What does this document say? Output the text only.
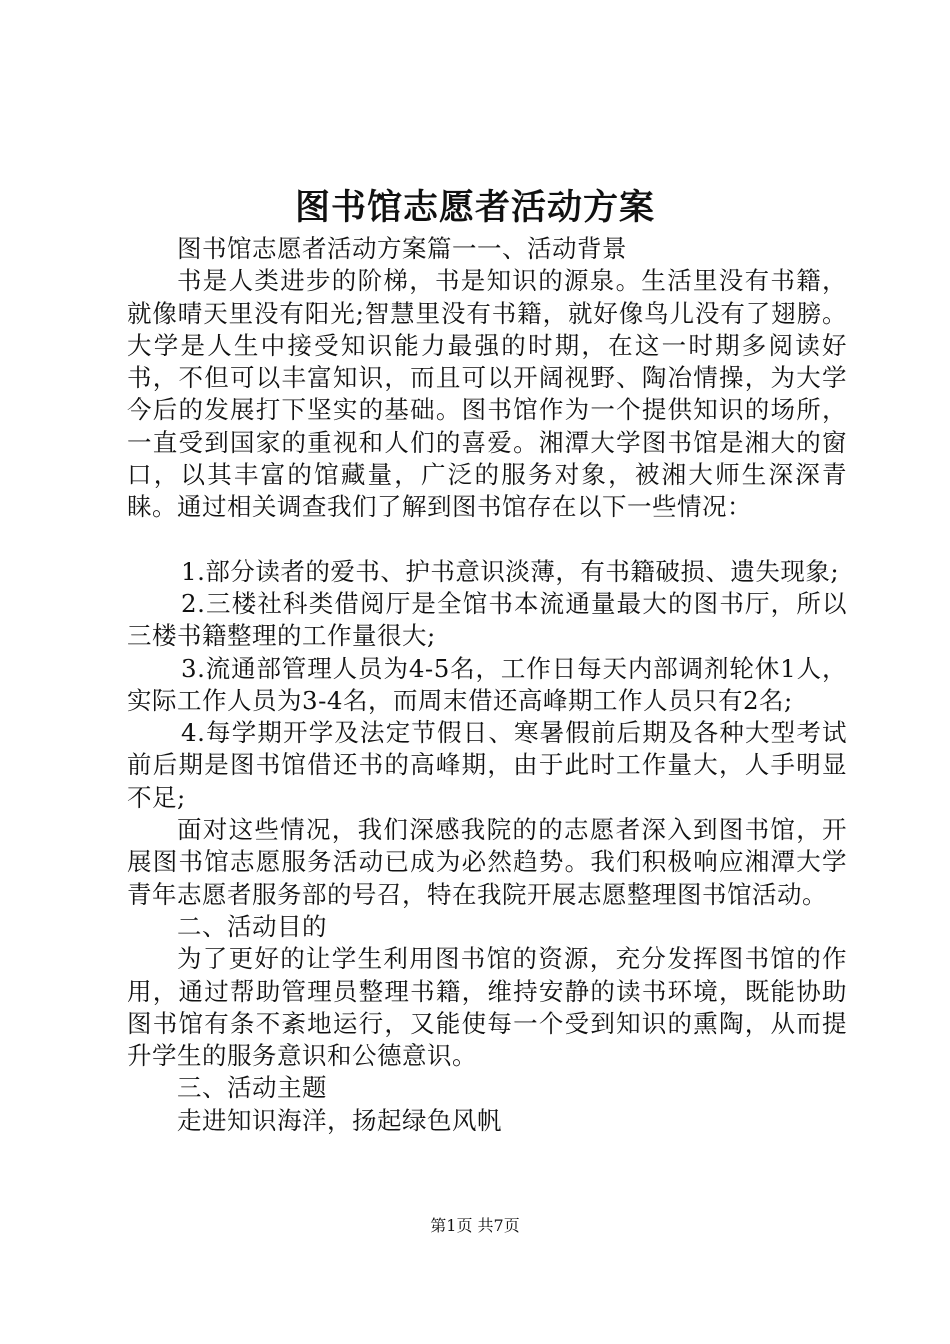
图书馆志愿者活动方案

图书馆志愿者活动方案篇一一、活动背景

书是人类进步的阶梯，书是知识的源泉。生活里没有书籍，就像晴天里没有阳光;智慧里没有书籍，就好像鸟儿没有了翅膀。大学是人生中接受知识能力最强的时期，在这一时期多阅读好书，不但可以丰富知识，而且可以开阔视野、陶冶情操，为大学今后的发展打下坚实的基础。图书馆作为一个提供知识的场所，一直受到国家的重视和人们的喜爱。湘潭大学图书馆是湘大的窗口，以其丰富的馆藏量，广泛的服务对象，被湘大师生深深青睐。通过相关调查我们了解到图书馆存在以下一些情况：

1.部分读者的爱书、护书意识淡薄，有书籍破损、遗失现象;

2.三楼社科类借阅厅是全馆书本流通量最大的图书厅，所以三楼书籍整理的工作量很大;

3.流通部管理人员为4-5名，工作日每天内部调剂轮休1人，实际工作人员为3-4名，而周末借还高峰期工作人员只有2名;

4.每学期开学及法定节假日、寒暑假前后期及各种大型考试前后期是图书馆借还书的高峰期，由于此时工作量大，人手明显不足;

面对这些情况，我们深感我院的的志愿者深入到图书馆，开展图书馆志愿服务活动已成为必然趋势。我们积极响应湘潭大学青年志愿者服务部的号召，特在我院开展志愿整理图书馆活动。

二、活动目的

为了更好的让学生利用图书馆的资源，充分发挥图书馆的作用，通过帮助管理员整理书籍，维持安静的读书环境，既能协助图书馆有条不紊地运行，又能使每一个受到知识的熏陶，从而提升学生的服务意识和公德意识。

三、活动主题

走进知识海洋，扬起绿色风帆

第1页 共7页
